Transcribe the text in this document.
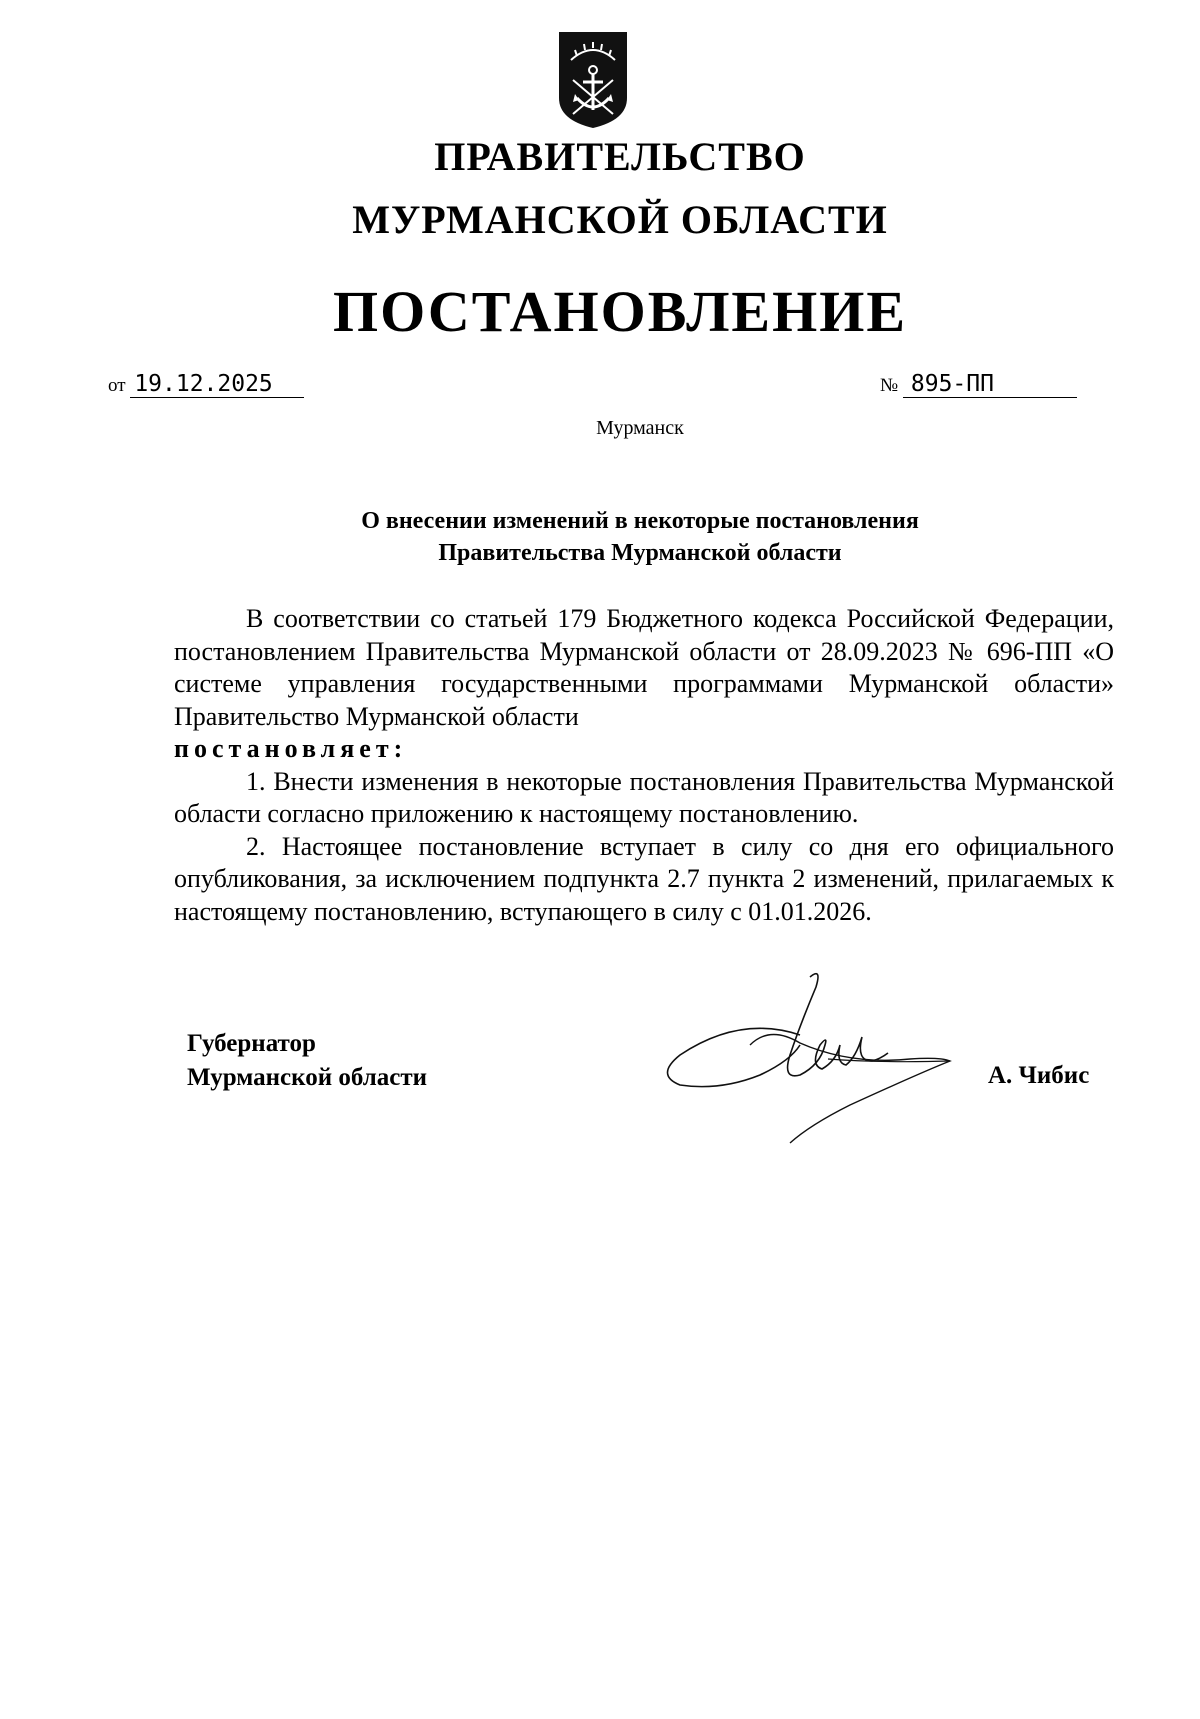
ПРАВИТЕЛЬСТВО
МУРМАНСКОЙ ОБЛАСТИ
ПОСТАНОВЛЕНИЕ
от 19.12.2025	№ 895-ПП
Мурманск
О внесении изменений в некоторые постановления
Правительства Мурманской области

В соответствии со статьей 179 Бюджетного кодекса Российской Федерации, постановлением Правительства Мурманской области от 28.09.2023 № 696-ПП «О системе управления государственными программами Мурманской области» Правительство Мурманской области

постановляет:

1. Внести изменения в некоторые постановления Правительства Мурманской области согласно приложению к настоящему постановлению.

2. Настоящее постановление вступает в силу со дня его официального опубликования, за исключением подпункта 2.7 пункта 2 изменений, прилагаемых к настоящему постановлению, вступающего в силу с 01.01.2026.

Губернатор
Мурманской области	А. Чибис
